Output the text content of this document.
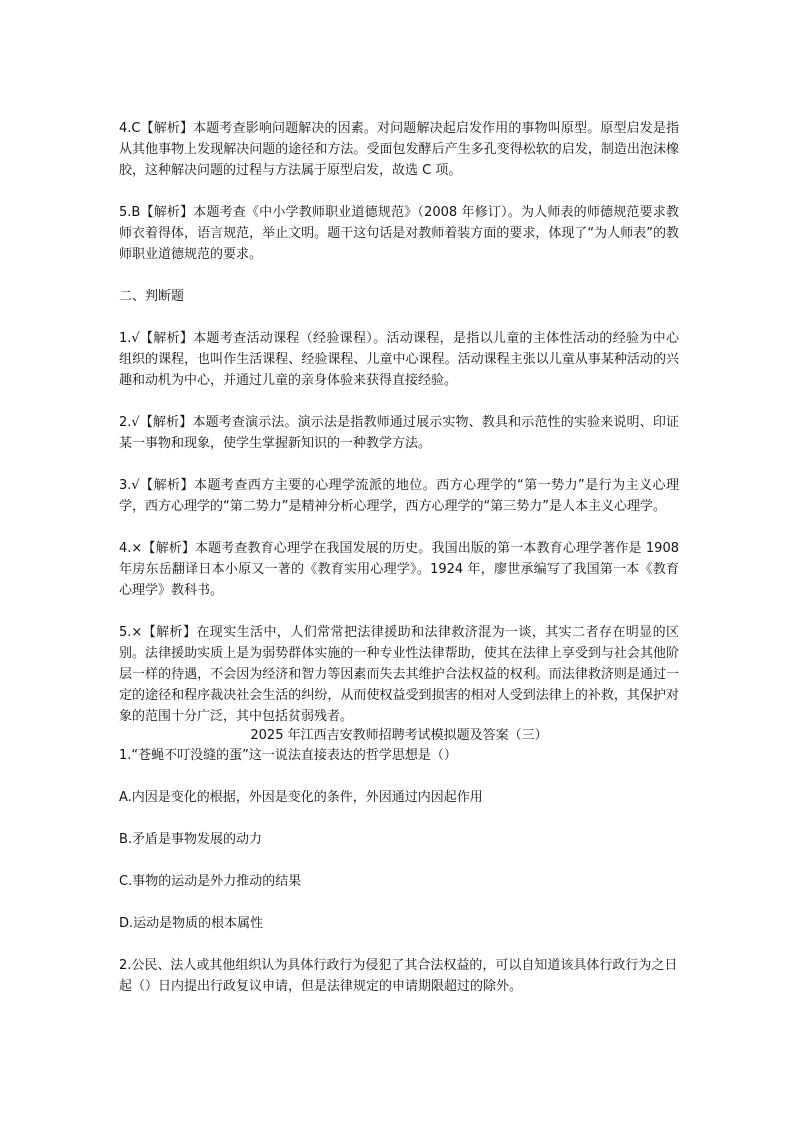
4.C【解析】本题考查影响问题解决的因素。对问题解决起启发作用的事物叫原型。原型启发是指从其他事物上发现解决问题的途径和方法。受面包发酵后产生多孔变得松软的启发，制造出泡沫橡胶，这种解决问题的过程与方法属于原型启发，故选 C 项。

5.B【解析】本题考查《中小学教师职业道德规范》（2008 年修订）。为人师表的师德规范要求教师衣着得体，语言规范，举止文明。题干这句话是对教师着装方面的要求，体现了“为人师表”的教师职业道德规范的要求。

二、判断题

1.√【解析】本题考查活动课程（经验课程）。活动课程，是指以儿童的主体性活动的经验为中心组织的课程，也叫作生活课程、经验课程、儿童中心课程。活动课程主张以儿童从事某种活动的兴趣和动机为中心，并通过儿童的亲身体验来获得直接经验。

2.√【解析】本题考查演示法。演示法是指教师通过展示实物、教具和示范性的实验来说明、印证某一事物和现象，使学生掌握新知识的一种教学方法。

3.√【解析】本题考查西方主要的心理学流派的地位。西方心理学的“第一势力”是行为主义心理学，西方心理学的“第二势力”是精神分析心理学，西方心理学的“第三势力”是人本主义心理学。

4.×【解析】本题考查教育心理学在我国发展的历史。我国出版的第一本教育心理学著作是 1908 年房东岳翻译日本小原又一著的《教育实用心理学》。1924 年，廖世承编写了我国第一本《教育心理学》教科书。

5.×【解析】在现实生活中，人们常常把法律援助和法律救济混为一谈，其实二者存在明显的区别。法律援助实质上是为弱势群体实施的一种专业性法律帮助，使其在法律上享受到与社会其他阶层一样的待遇，不会因为经济和智力等因素而失去其维护合法权益的权利。而法律救济则是通过一定的途径和程序裁决社会生活的纠纷，从而使权益受到损害的相对人受到法律上的补救，其保护对象的范围十分广泛，其中包括贫弱残者。

2025 年江西吉安教师招聘考试模拟题及答案（三）

1.“苍蝇不叮没缝的蛋”这一说法直接表达的哲学思想是（）

A.内因是变化的根据，外因是变化的条件，外因通过内因起作用

B.矛盾是事物发展的动力

C.事物的运动是外力推动的结果

D.运动是物质的根本属性

2.公民、法人或其他组织认为具体行政行为侵犯了其合法权益的，可以自知道该具体行政行为之日起（）日内提出行政复议申请，但是法律规定的申请期限超过的除外。
